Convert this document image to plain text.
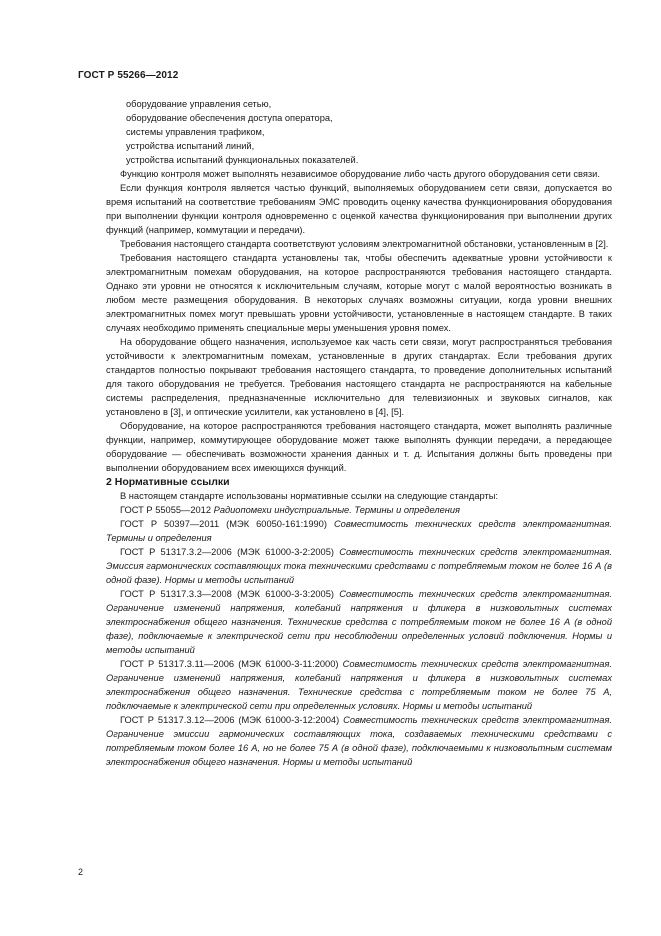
ГОСТ Р 55266—2012

оборудование управления сетью,

оборудование обеспечения доступа оператора,

системы управления трафиком,

устройства испытаний линий,

устройства испытаний функциональных показателей.

Функцию контроля может выполнять независимое оборудование либо часть другого оборудования сети связи.

Если функция контроля является частью функций, выполняемых оборудованием сети связи, допускается во время испытаний на соответствие требованиям ЭМС проводить оценку качества функционирования оборудования при выполнении функции контроля одновременно с оценкой качества функционирования при выполнении других функций (например, коммутации и передачи).

Требования настоящего стандарта соответствуют условиям электромагнитной обстановки, установленным в [2].

Требования настоящего стандарта установлены так, чтобы обеспечить адекватные уровни устойчивости к электромагнитным помехам оборудования, на которое распространяются требования настоящего стандарта. Однако эти уровни не относятся к исключительным случаям, которые могут с малой вероятностью возникать в любом месте размещения оборудования. В некоторых случаях возможны ситуации, когда уровни внешних электромагнитных помех могут превышать уровни устойчивости, установленные в настоящем стандарте. В таких случаях необходимо применять специальные меры уменьшения уровня помех.

На оборудование общего назначения, используемое как часть сети связи, могут распространяться требования устойчивости к электромагнитным помехам, установленные в других стандартах. Если требования других стандартов полностью покрывают требования настоящего стандарта, то проведение дополнительных испытаний для такого оборудования не требуется. Требования настоящего стандарта не распространяются на кабельные системы распределения, предназначенные исключительно для телевизионных и звуковых сигналов, как установлено в [3], и оптические усилители, как установлено в [4], [5].

Оборудование, на которое распространяются требования настоящего стандарта, может выполнять различные функции, например, коммутирующее оборудование может также выполнять функции передачи, а передающее оборудование — обеспечивать возможности хранения данных и т. д. Испытания должны быть проведены при выполнении оборудованием всех имеющихся функций.

2 Нормативные ссылки

В настоящем стандарте использованы нормативные ссылки на следующие стандарты:

ГОСТ Р 55055—2012 Радиопомехи индустриальные. Термины и определения

ГОСТ Р 50397—2011 (МЭК 60050-161:1990) Совместимость технических средств электромагнитная. Термины и определения

ГОСТ Р 51317.3.2—2006 (МЭК 61000-3-2:2005) Совместимость технических средств электромагнитная. Эмиссия гармонических составляющих тока техническими средствами с потребляемым током не более 16 А (в одной фазе). Нормы и методы испытаний

ГОСТ Р 51317.3.3—2008 (МЭК 61000-3-3:2005) Совместимость технических средств электромагнитная. Ограничение изменений напряжения, колебаний напряжения и фликера в низковольтных системах электроснабжения общего назначения. Технические средства с потребляемым током не более 16 А (в одной фазе), подключаемые к электрической сети при несоблюдении определенных условий подключения. Нормы и методы испытаний

ГОСТ Р 51317.3.11—2006 (МЭК 61000-3-11:2000) Совместимость технических средств электромагнитная. Ограничение изменений напряжения, колебаний напряжения и фликера в низковольтных системах электроснабжения общего назначения. Технические средства с потребляемым током не более 75 А, подключаемые к электрической сети при определенных условиях. Нормы и методы испытаний

ГОСТ Р 51317.3.12—2006 (МЭК 61000-3-12:2004) Совместимость технических средств электромагнитная. Ограничение эмиссии гармонических составляющих тока, создаваемых техническими средствами с потребляемым током более 16 А, но не более 75 А (в одной фазе), подключаемыми к низковольтным системам электроснабжения общего назначения. Нормы и методы испытаний

2
